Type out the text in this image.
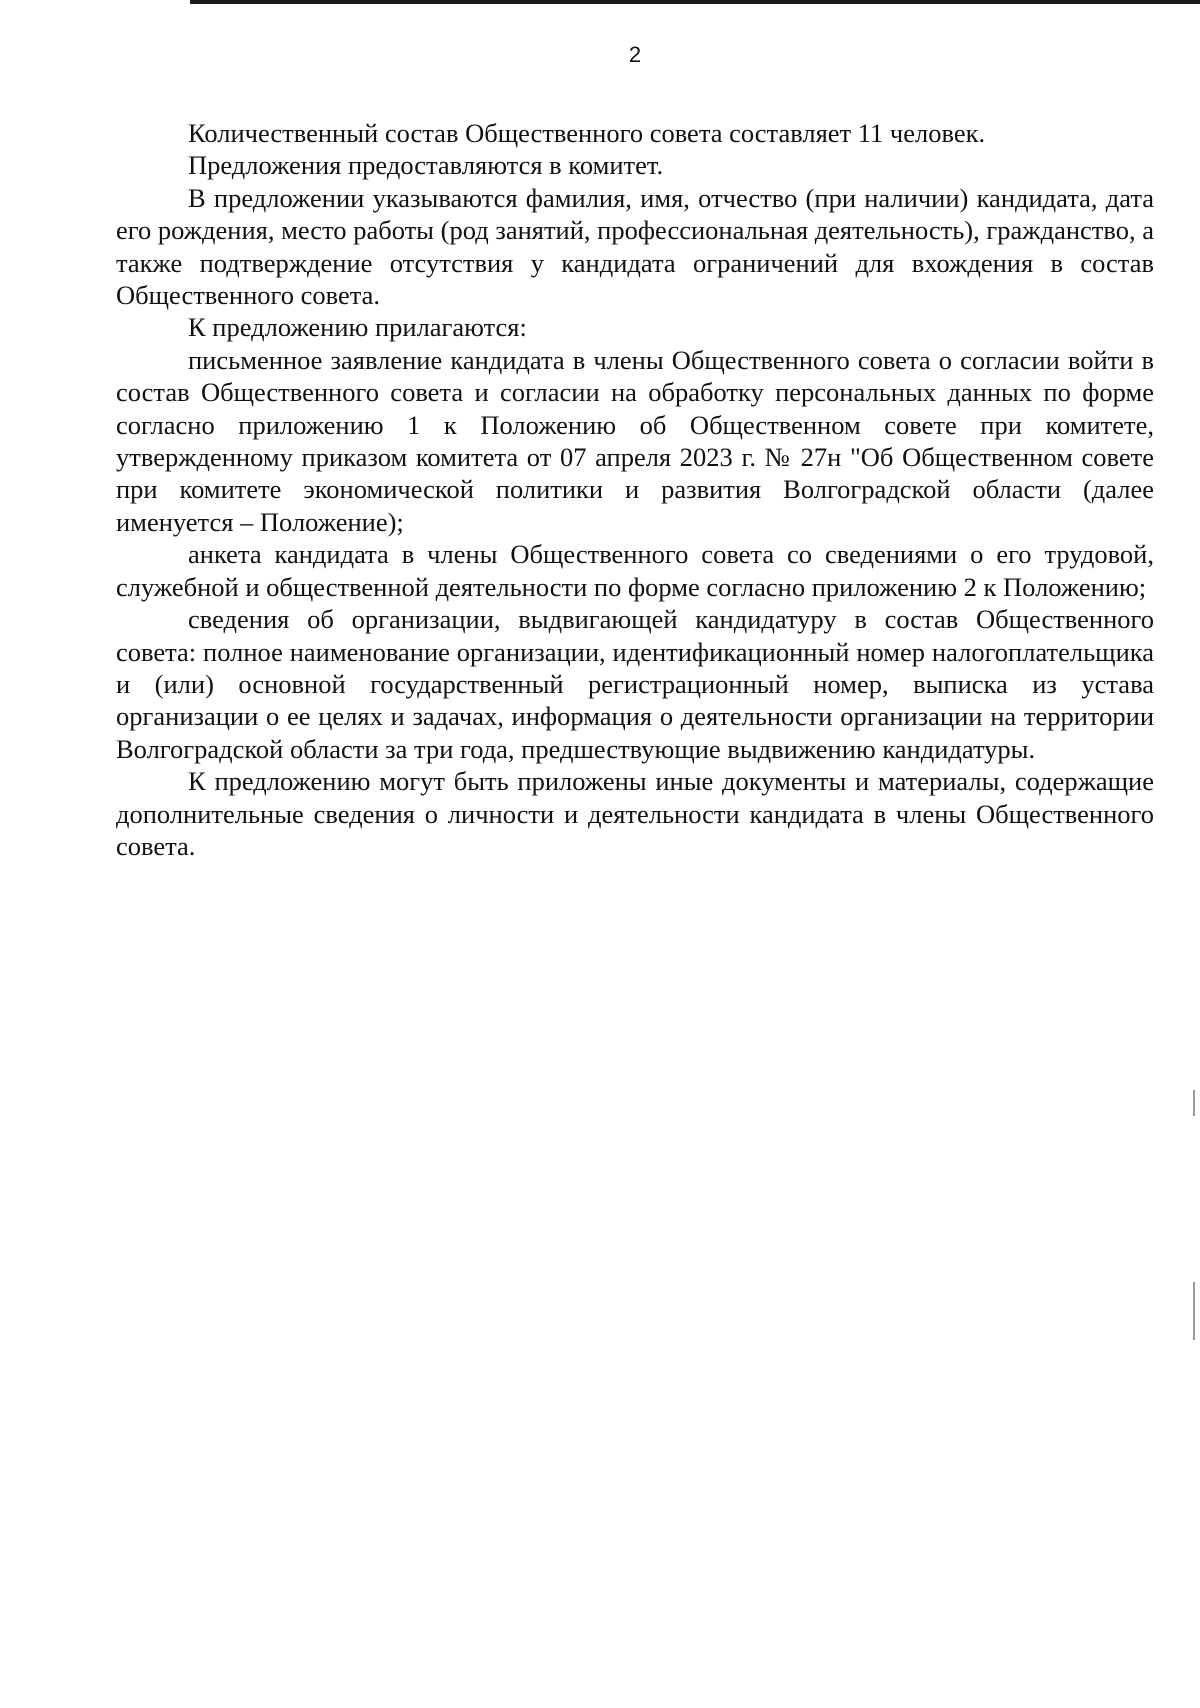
2

Количественный состав Общественного совета составляет 11 человек.

Предложения предоставляются в комитет.

В предложении указываются фамилия, имя, отчество (при наличии) кандидата, дата его рождения, место работы (род занятий, профессиональная деятельность), гражданство, а также подтверждение отсутствия у кандидата ограничений для вхождения в состав Общественного совета.

К предложению прилагаются:

письменное заявление кандидата в члены Общественного совета о согласии войти в состав Общественного совета и согласии на обработку персональных данных по форме согласно приложению 1 к Положению об Общественном совете при комитете, утвержденному приказом комитета от 07 апреля 2023 г. № 27н "Об Общественном совете при комитете экономической политики и развития Волгоградской области (далее именуется – Положение);

анкета кандидата в члены Общественного совета со сведениями о его трудовой, служебной и общественной деятельности по форме согласно приложению 2 к Положению;

сведения об организации, выдвигающей кандидатуру в состав Общественного совета: полное наименование организации, идентификационный номер налогоплательщика и (или) основной государственный регистрационный номер, выписка из устава организации о ее целях и задачах, информация о деятельности организации на территории Волгоградской области за три года, предшествующие выдвижению кандидатуры.

К предложению могут быть приложены иные документы и материалы, содержащие дополнительные сведения о личности и деятельности кандидата в члены Общественного совета.
